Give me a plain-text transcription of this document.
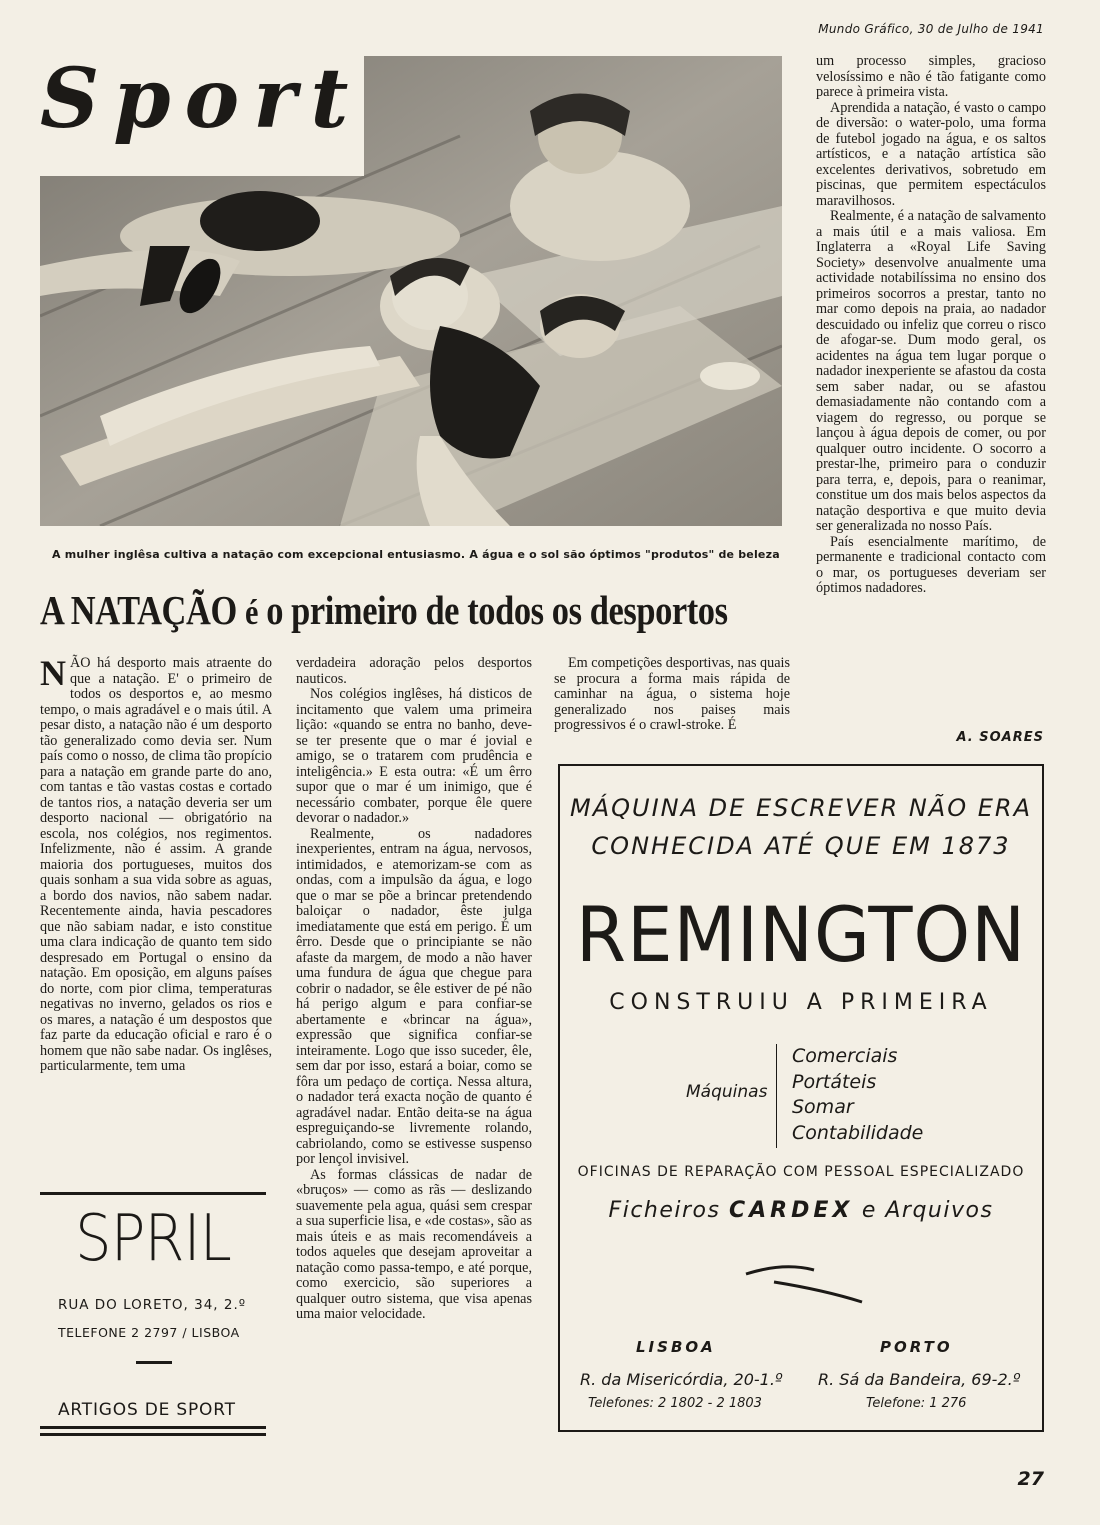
Mundo Gráfico, 30 de Julho de 1941
Sport
A mulher inglêsa cultiva a natação com excepcional entusiasmo. A água e o sol são óptimos "produtos" de beleza
A NATAÇÃO é o primeiro de todos os desportos
N ÃO há desporto mais atraente do que a natação. E' o primeiro de todos os desportos e, ao mesmo tempo, o mais agradável e o mais útil. A pesar disto, a natação não é um desporto tão generalizado como devia ser. Num país como o nosso, de clima tão propício para a natação em grande parte do ano, com tantas e tão vastas costas e cortado de tantos rios, a natação deveria ser um desporto nacional — obrigatório na escola, nos colégios, nos regimentos. Infelizmente, não é assim. A grande maioria dos portugueses, muitos dos quais sonham a sua vida sobre as aguas, a bordo dos navios, não sabem nadar. Recentemente ainda, havia pescadores que não sabiam nadar, e isto constitue uma clara indicação de quanto tem sido despresado em Portugal o ensino da natação. Em oposição, em alguns países do norte, com pior clima, temperaturas negativas no inverno, gelados os rios e os mares, a natação é um despostos que faz parte da educação oficial e raro é o homem que não sabe nadar. Os inglêses, particularmente, tem uma

verdadeira adoração pelos desportos nauticos.

Nos colégios inglêses, há disticos de incitamento que valem uma primeira lição: «quando se entra no banho, deve-se ter presente que o mar é jovial e amigo, se o tratarem com prudência e inteligência.» E esta outra: «É um êrro supor que o mar é um inimigo, que é necessário combater, porque êle quere devorar o nadador.»

Realmente, os nadadores inexperientes, entram na água, nervosos, intimidados, e atemorizam-se com as ondas, com a impulsão da água, e logo que o mar se põe a brincar pretendendo baloiçar o nadador, êste julga imediatamente que está em perigo. É um êrro. Desde que o principiante se não afaste da margem, de modo a não haver uma fundura de água que chegue para cobrir o nadador, se êle estiver de pé não há perigo algum e para confiar-se abertamente e «brincar na água», expressão que significa confiar-se inteiramente. Logo que isso suceder, êle, sem dar por isso, estará a boiar, como se fôra um pedaço de cortiça. Nessa altura, o nadador terá exacta noção de quanto é agradável nadar. Então deita-se na água espreguiçando-se livremente rolando, cabriolando, como se estivesse suspenso por lençol invisivel.

As formas clássicas de nadar de «bruços» — como as rãs — deslizando suavemente pela agua, quási sem crespar a sua superficie lisa, e «de costas», são as mais úteis e as mais recomendáveis a todos aqueles que desejam aproveitar a natação como passa-tempo, e até porque, como exercicio, são superiores a qualquer outro sistema, que visa apenas uma maior velocidade.

Em competições desportivas, nas quais se procura a forma mais rápida de caminhar na água, o sistema hoje generalizado nos paises mais progressivos é o crawl-stroke. É

um processo simples, gracioso velosíssimo e não é tão fatigante como parece à primeira vista.

Aprendida a natação, é vasto o campo de diversão: o water-polo, uma forma de futebol jogado na água, e os saltos artísticos, e a natação artística são excelentes derivativos, sobretudo em piscinas, que permitem espectáculos maravilhosos.

Realmente, é a natação de salvamento a mais útil e a mais valiosa. Em Inglaterra a «Royal Life Saving Society» desenvolve anualmente uma actividade notabilíssima no ensino dos primeiros socorros a prestar, tanto no mar como depois na praia, ao nadador descuidado ou infeliz que correu o risco de afogar-se. Dum modo geral, os acidentes na água tem lugar porque o nadador inexperiente se afastou da costa sem saber nadar, ou se afastou demasiadamente não contando com a viagem do regresso, ou porque se lançou à água depois de comer, ou por qualquer outro incidente. O socorro a prestar-lhe, primeiro para o conduzir para terra, e, depois, para o reanimar, constitue um dos mais belos aspectos da natação desportiva e que muito devia ser generalizada no nosso País.

País esencialmente marítimo, de permanente e tradicional contacto com o mar, os portugueses deveriam ser óptimos nadadores.

A. SOARES
MÁQUINA DE ESCREVER NÃO ERA
CONHECIDA ATÉ QUE EM 1873
REMINGTON
CONSTRUIU A PRIMEIRA
Máquinas
Comerciais
Portáteis
Somar
Contabilidade
OFICINAS DE REPARAÇÃO COM PESSOAL ESPECIALIZADO
Ficheiros CARDEX e Arquivos
LISBOA
R. da Misericórdia, 20-1.º
Telefones: 2 1802 - 2 1803
PORTO
R. Sá da Bandeira, 69-2.º
Telefone: 1 276
SPRIL
RUA DO LORETO, 34, 2.º
TELEFONE 2 2797 / LISBOA
ARTIGOS DE SPORT
27
